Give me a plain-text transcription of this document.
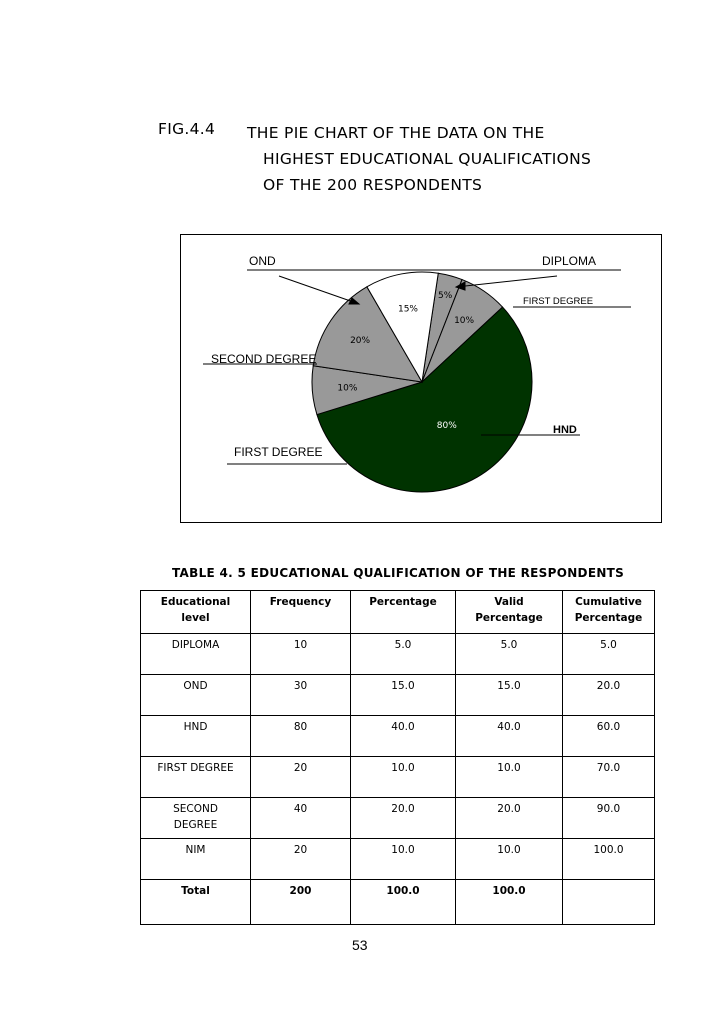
FIG.4.4 THE PIE CHART OF THE DATA ON THE
HIGHEST EDUCATIONAL QUALIFICATIONS
OF THE 200 RESPONDENTS
5%
10%
80%
10%
20%
15%
OND	DIPLOMA
FIRST DEGREE
SECOND DEGREE
FIRST DEGREE
HND
TABLE 4. 5 EDUCATIONAL QUALIFICATION OF THE RESPONDENTS
Educational level	Frequency	Percentage	Valid Percentage	Cumulative Percentage
DIPLOMA	10	5.0	5.0	5.0
OND	30	15.0	15.0	20.0
HND	80	40.0	40.0	60.0
FIRST DEGREE	20	10.0	10.0	70.0
SECOND DEGREE	40	20.0	20.0	90.0
NIM	20	10.0	10.0	100.0
Total	200	100.0	100.0	
53
